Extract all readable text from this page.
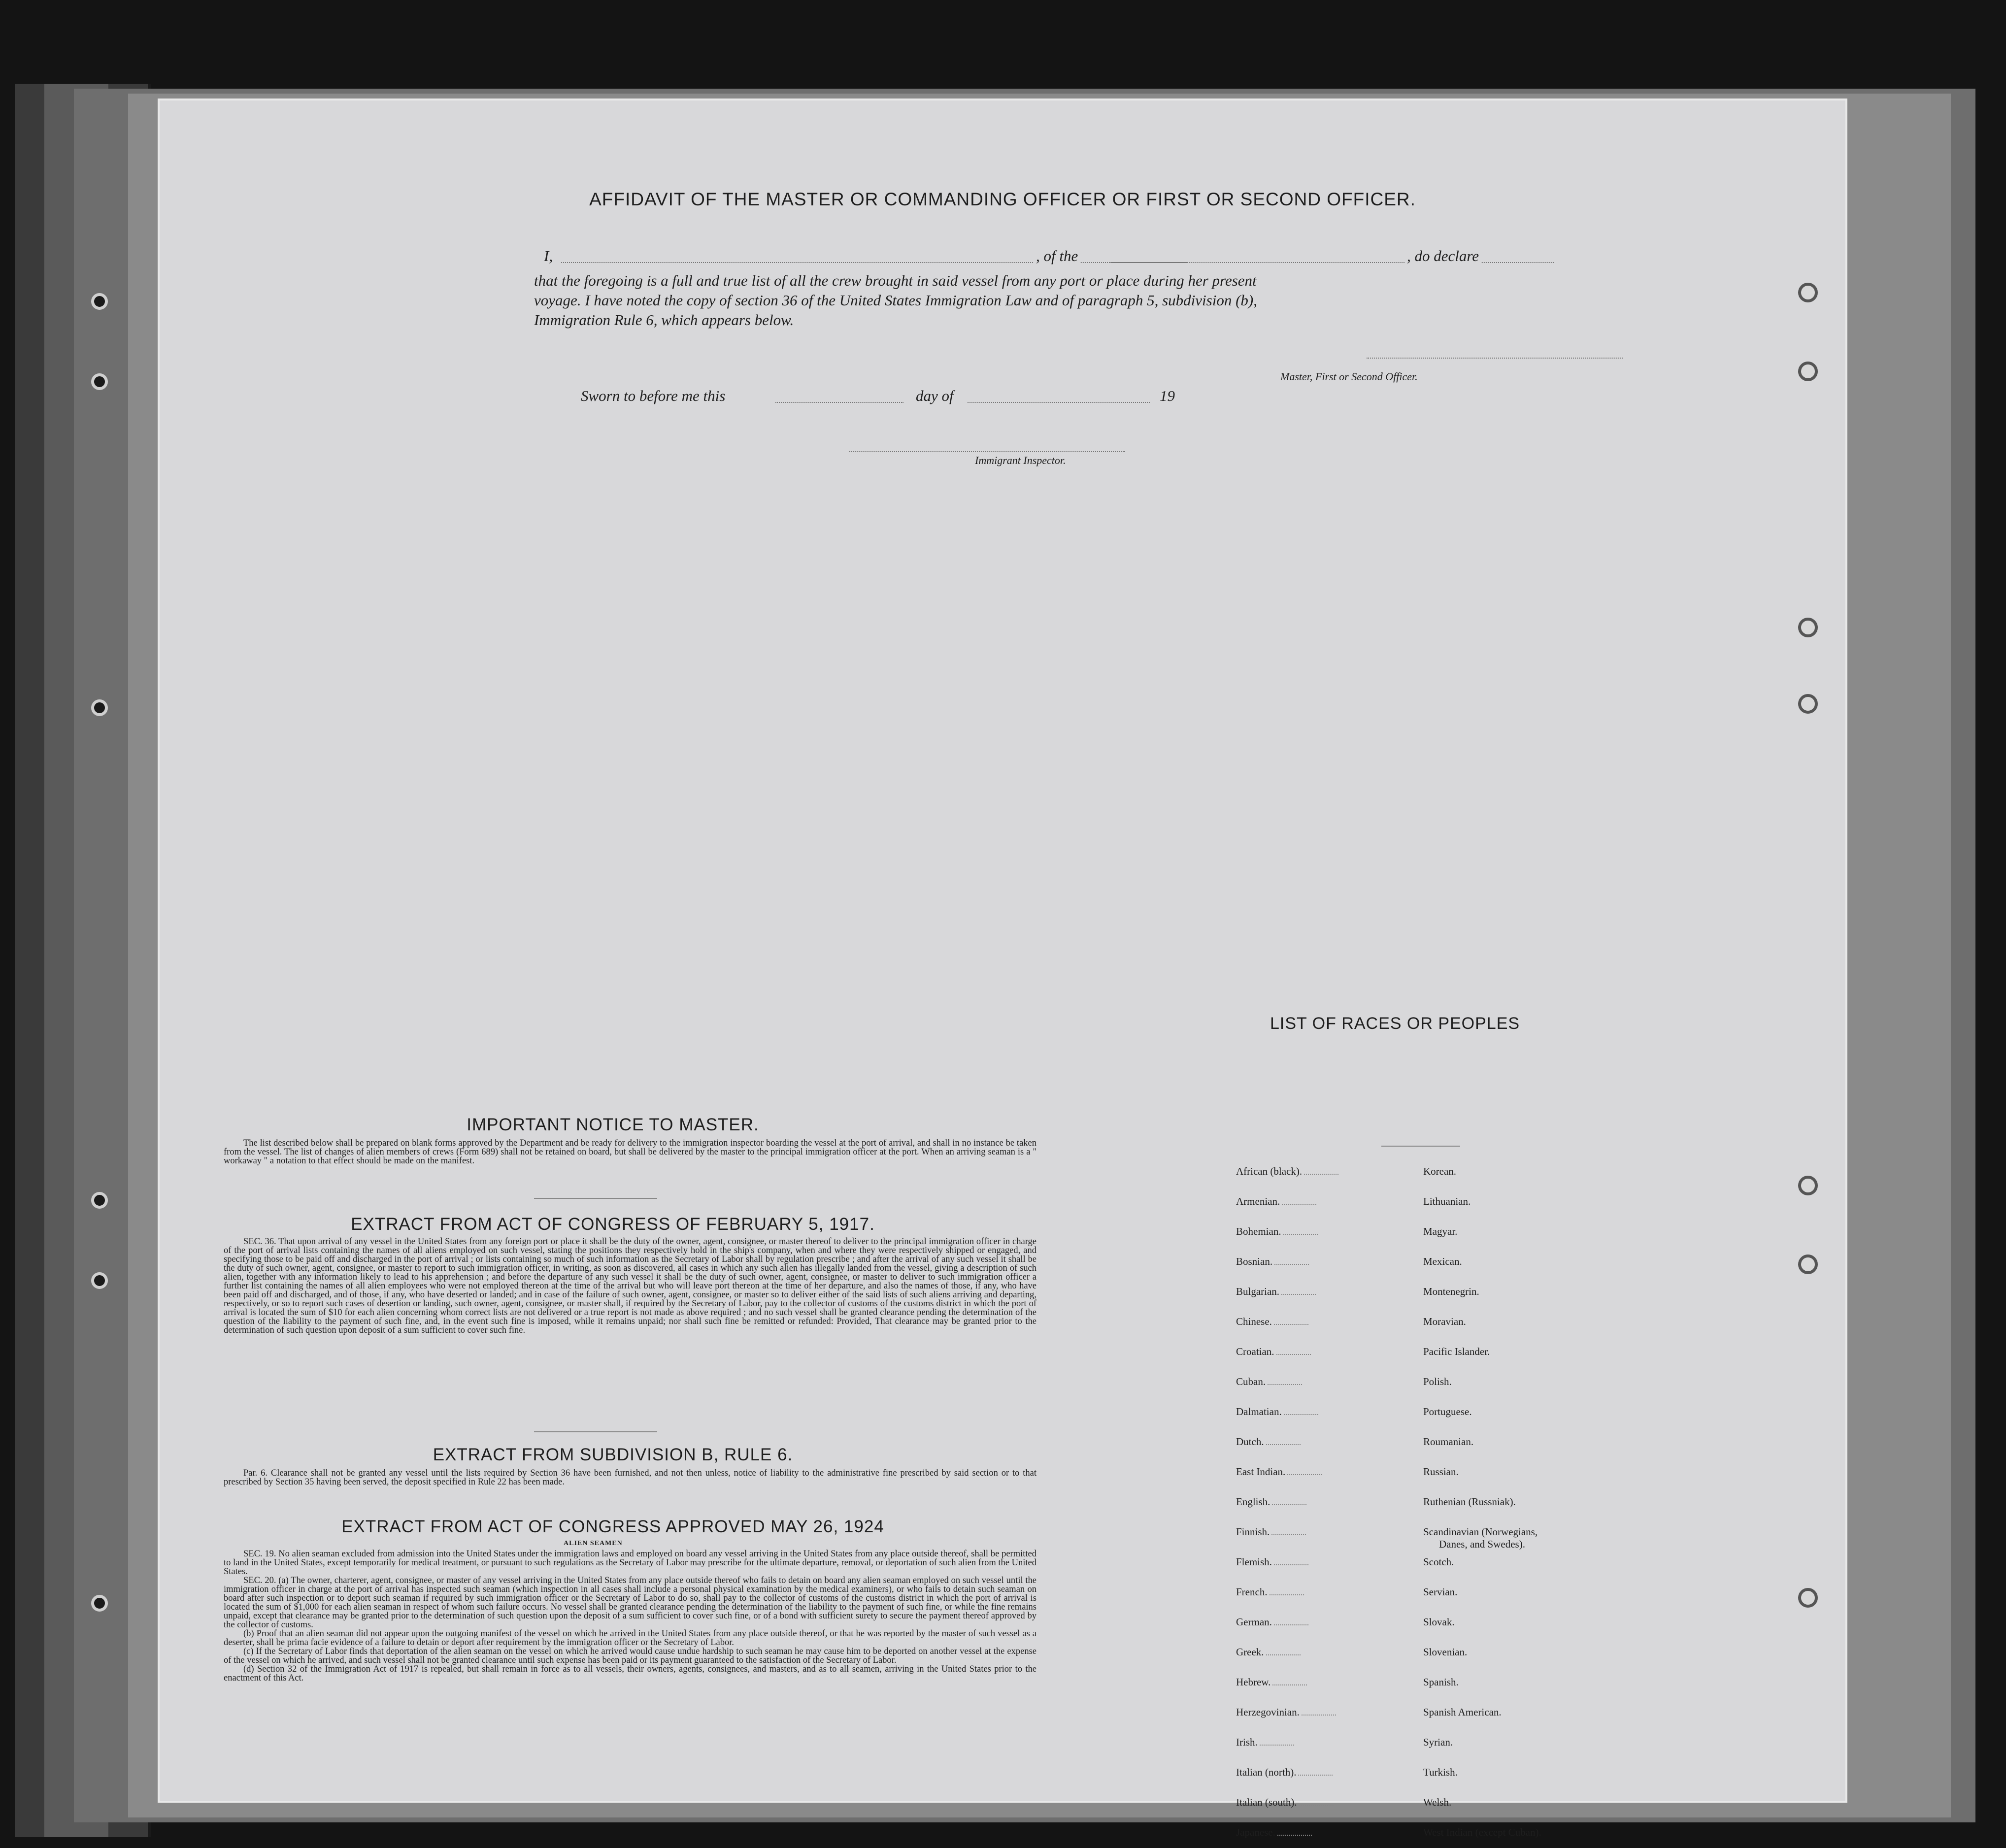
AFFIDAVIT OF THE MASTER OR COMMANDING OFFICER OR FIRST OR SECOND OFFICER.
I,	, of the	, do declare
that the foregoing is a full and true list of all the crew brought in said vessel from any port or place during her present
voyage. I have noted the copy of section 36 of the United States Immigration Law and of paragraph 5, subdivision (b),
Immigration Rule 6, which appears below.
Master, First or Second Officer.
Sworn to before me this	day of	19
Immigrant Inspector.
IMPORTANT NOTICE TO MASTER.

The list described below shall be prepared on blank forms approved by the Department and be ready for delivery to the immigration inspector boarding the vessel at the port of arrival, and shall in no instance be taken from the vessel. The list of changes of alien members of crews (Form 689) shall not be retained on board, but shall be delivered by the master to the principal immigration officer at the port. When an arriving seaman is a " workaway " a notation to that effect should be made on the manifest.

EXTRACT FROM ACT OF CONGRESS OF FEBRUARY 5, 1917.

SEC. 36. That upon arrival of any vessel in the United States from any foreign port or place it shall be the duty of the owner, agent, consignee, or master thereof to deliver to the principal immigration officer in charge of the port of arrival lists containing the names of all aliens employed on such vessel, stating the positions they respectively hold in the ship's company, when and where they were respectively shipped or engaged, and specifying those to be paid off and discharged in the port of arrival ; or lists containing so much of such information as the Secretary of Labor shall by regulation prescribe ; and after the arrival of any such vessel it shall be the duty of such owner, agent, consignee, or master to report to such immigration officer, in writing, as soon as discovered, all cases in which any such alien has illegally landed from the vessel, giving a description of such alien, together with any information likely to lead to his apprehension ; and before the departure of any such vessel it shall be the duty of such owner, agent, consignee, or master to deliver to such immigration officer a further list containing the names of all alien employees who were not employed thereon at the time of the arrival but who will leave port thereon at the time of her departure, and also the names of those, if any, who have been paid off and discharged, and of those, if any, who have deserted or landed; and in case of the failure of such owner, agent, consignee, or master so to deliver either of the said lists of such aliens arriving and departing, respectively, or so to report such cases of desertion or landing, such owner, agent, consignee, or master shall, if required by the Secretary of Labor, pay to the collector of customs of the customs district in which the port of arrival is located the sum of $10 for each alien concerning whom correct lists are not delivered or a true report is not made as above required ; and no such vessel shall be granted clearance pending the determination of the question of the liability to the payment of such fine, and, in the event such fine is imposed, while it remains unpaid; nor shall such fine be remitted or refunded: Provided, That clearance may be granted prior to the determination of such question upon deposit of a sum sufficient to cover such fine.

EXTRACT FROM SUBDIVISION B, RULE 6.

Par. 6. Clearance shall not be granted any vessel until the lists required by Section 36 have been furnished, and not then unless, notice of liability to the administrative fine prescribed by said section or to that prescribed by Section 35 having been served, the deposit specified in Rule 22 has been made.

EXTRACT FROM ACT OF CONGRESS APPROVED MAY 26, 1924
ALIEN SEAMEN

SEC. 19. No alien seaman excluded from admission into the United States under the immigration laws and employed on board any vessel arriving in the United States from any place outside thereof, shall be permitted to land in the United States, except temporarily for medical treatment, or pursuant to such regulations as the Secretary of Labor may prescribe for the ultimate departure, removal, or deportation of such alien from the United States.

SEC. 20. (a) The owner, charterer, agent, consignee, or master of any vessel arriving in the United States from any place outside thereof who fails to detain on board any alien seaman employed on such vessel until the immigration officer in charge at the port of arrival has inspected such seaman (which inspection in all cases shall include a personal physical examination by the medical examiners), or who fails to detain such seaman on board after such inspection or to deport such seaman if required by such immigration officer or the Secretary of Labor to do so, shall pay to the collector of customs of the customs district in which the port of arrival is located the sum of $1,000 for each alien seaman in respect of whom such failure occurs. No vessel shall be granted clearance pending the determination of the liability to the payment of such fine, or while the fine remains unpaid, except that clearance may be granted prior to the determination of such question upon the deposit of a sum sufficient to cover such fine, or of a bond with sufficient surety to secure the payment thereof approved by the collector of customs.

(b) Proof that an alien seaman did not appear upon the outgoing manifest of the vessel on which he arrived in the United States from any place outside thereof, or that he was reported by the master of such vessel as a deserter, shall be prima facie evidence of a failure to detain or deport after requirement by the immigration officer or the Secretary of Labor.

(c) If the Secretary of Labor finds that deportation of the alien seaman on the vessel on which he arrived would cause undue hardship to such seaman he may cause him to be deported on another vessel at the expense of the vessel on which he arrived, and such vessel shall not be granted clearance until such expense has been paid or its payment guaranteed to the satisfaction of the Secretary of Labor.

(d) Section 32 of the Immigration Act of 1917 is repealed, but shall remain in force as to all vessels, their owners, agents, consignees, and masters, and as to all seamen, arriving in the United States prior to the enactment of this Act.

LIST OF RACES OR PEOPLES
African (black).
Armenian.
Bohemian.
Bosnian.
Bulgarian.
Chinese.
Croatian.
Cuban.
Dalmatian.
Dutch.
East Indian.
English.
Finnish.
Flemish.
French.
German.
Greek.
Hebrew.
Herzegovinian.
Irish.
Italian (north).
Italian (south).
Japanese.
Korean.
Lithuanian.
Magyar.
Mexican.
Montenegrin.
Moravian.
Pacific Islander.
Polish.
Portuguese.
Roumanian.
Russian.
Ruthenian (Russniak).
Scandinavian (Norwegians,
Danes, and Swedes).
Scotch.
Servian.
Slovak.
Slovenian.
Spanish.
Spanish American.
Syrian.
Turkish.
Welsh.
West Indian (except Cuban).
